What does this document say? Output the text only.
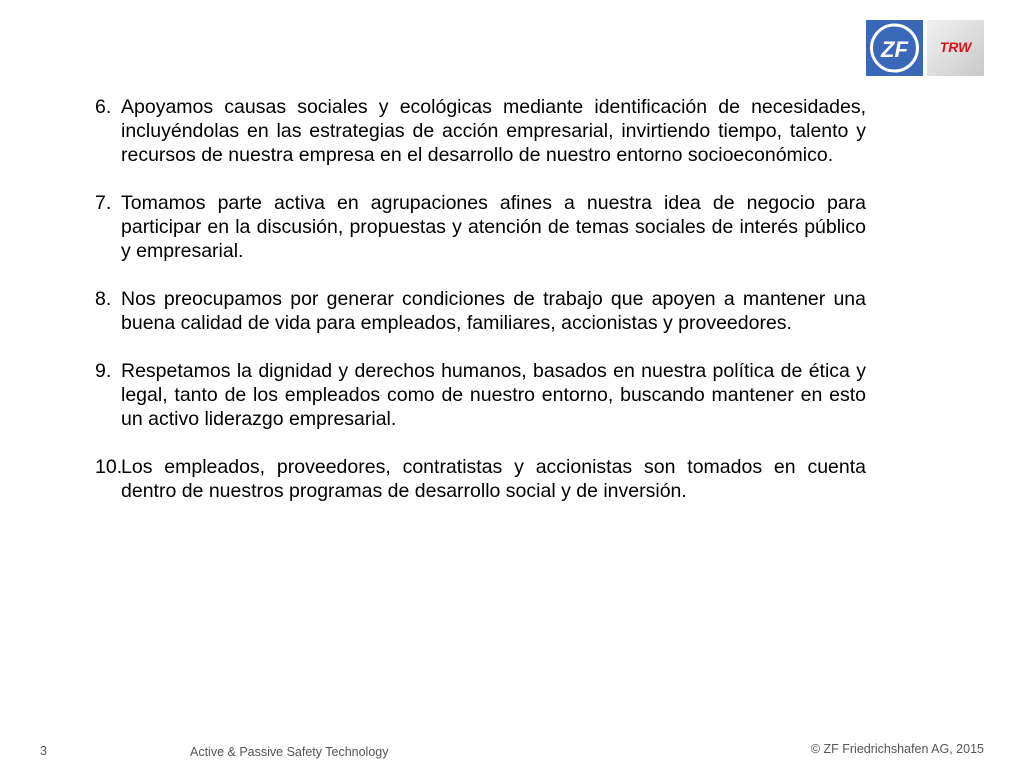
ZF TRW
6. Apoyamos causas sociales y ecológicas mediante identificación de necesidades, incluyéndolas en las estrategias de acción empresarial, invirtiendo tiempo, talento y recursos de nuestra empresa en el desarrollo de nuestro entorno socioeconómico.
7. Tomamos parte activa en agrupaciones afines a nuestra idea de negocio para participar en la discusión, propuestas y atención de temas sociales de interés público y empresarial.
8. Nos preocupamos por generar condiciones de trabajo que apoyen a mantener una buena calidad de vida para empleados, familiares, accionistas y proveedores.
9. Respetamos la dignidad y derechos humanos, basados en nuestra política de ética y legal, tanto de los empleados como de nuestro entorno, buscando mantener en esto un activo liderazgo empresarial.
10.
Los empleados, proveedores, contratistas y accionistas son tomados en cuenta dentro de nuestros programas de desarrollo social y de inversión.
3	Active & Passive Safety Technology	© ZF Friedrichshafen AG, 2015
